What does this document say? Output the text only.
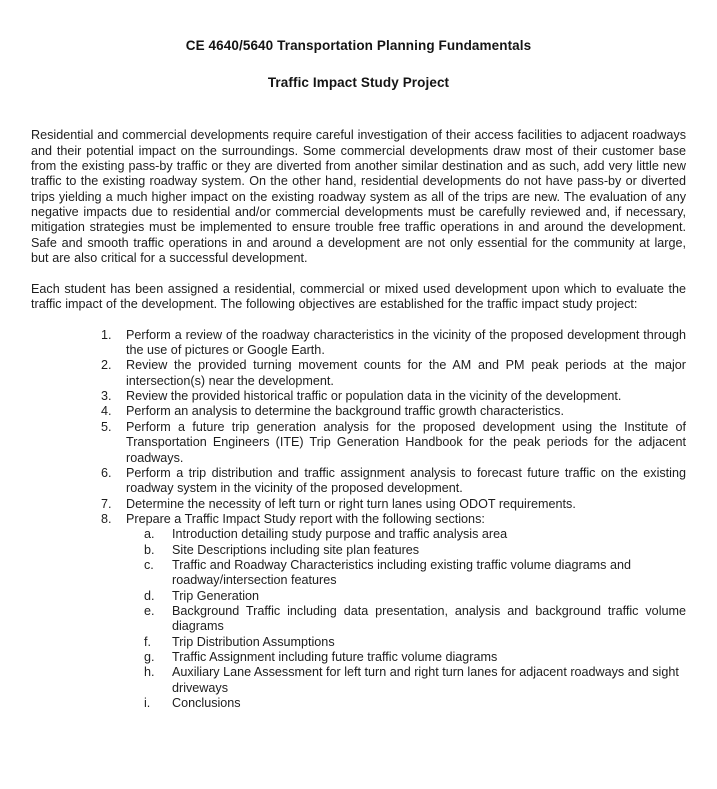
CE 4640/5640 Transportation Planning Fundamentals
Traffic Impact Study Project

Residential and commercial developments require careful investigation of their access facilities to adjacent roadways and their potential impact on the surroundings. Some commercial developments draw most of their customer base from the existing pass-by traffic or they are diverted from another similar destination and as such, add very little new traffic to the existing roadway system. On the other hand, residential developments do not have pass-by or diverted trips yielding a much higher impact on the existing roadway system as all of the trips are new. The evaluation of any negative impacts due to residential and/or commercial developments must be carefully reviewed and, if necessary, mitigation strategies must be implemented to ensure trouble free traffic operations in and around the development. Safe and smooth traffic operations in and around a development are not only essential for the community at large, but are also critical for a successful development.

Each student has been assigned a residential, commercial or mixed used development upon which to evaluate the traffic impact of the development. The following objectives are established for the traffic impact study project:

1.	Perform a review of the roadway characteristics in the vicinity of the proposed development through the use of pictures or Google Earth.
2.	Review the provided turning movement counts for the AM and PM peak periods at the major intersection(s) near the development.
3.	Review the provided historical traffic or population data in the vicinity of the development.
4.	Perform an analysis to determine the background traffic growth characteristics.
5.	Perform a future trip generation analysis for the proposed development using the Institute of Transportation Engineers (ITE) Trip Generation Handbook for the peak periods for the adjacent roadways.
6.	Perform a trip distribution and traffic assignment analysis to forecast future traffic on the existing roadway system in the vicinity of the proposed development.
7.	Determine the necessity of left turn or right turn lanes using ODOT requirements.
8.	Prepare a Traffic Impact Study report with the following sections:
a.	Introduction detailing study purpose and traffic analysis area
b.	Site Descriptions including site plan features
c.	Traffic and Roadway Characteristics including existing traffic volume diagrams and roadway/intersection features
d.	Trip Generation
e.	Background Traffic including data presentation, analysis and background traffic volume diagrams
f.	Trip Distribution Assumptions
g.	Traffic Assignment including future traffic volume diagrams
h.	Auxiliary Lane Assessment for left turn and right turn lanes for adjacent roadways and sight driveways
i.	Conclusions
